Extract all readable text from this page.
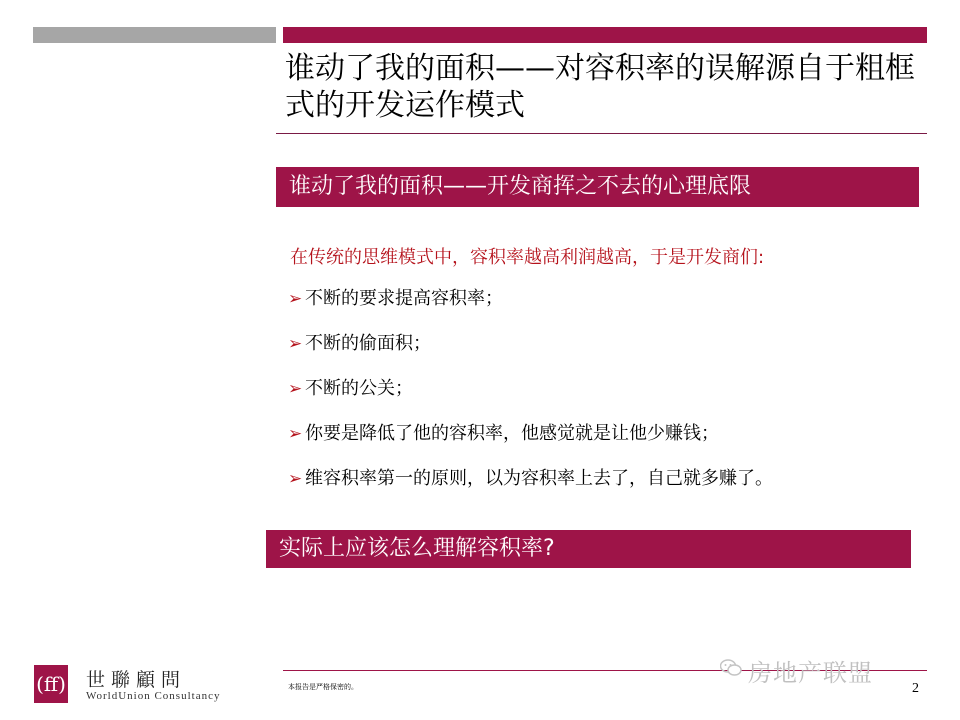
谁动了我的面积——对容积率的误解源自于粗框式的开发运作模式
谁动了我的面积——开发商挥之不去的心理底限
在传统的思维模式中，容积率越高利润越高，于是开发商们:
➢ 不断的要求提高容积率；
➢ 不断的偷面积；
➢ 不断的公关；
➢ 你要是降低了他的容积率，他感觉就是让他少赚钱；
➢ 维容积率第一的原则，以为容积率上去了，自己就多赚了。
实际上应该怎么理解容积率?
(ff) 世聯顧問
WorldUnion Consultancy
本报告是严格保密的。	房地产联盟
2
